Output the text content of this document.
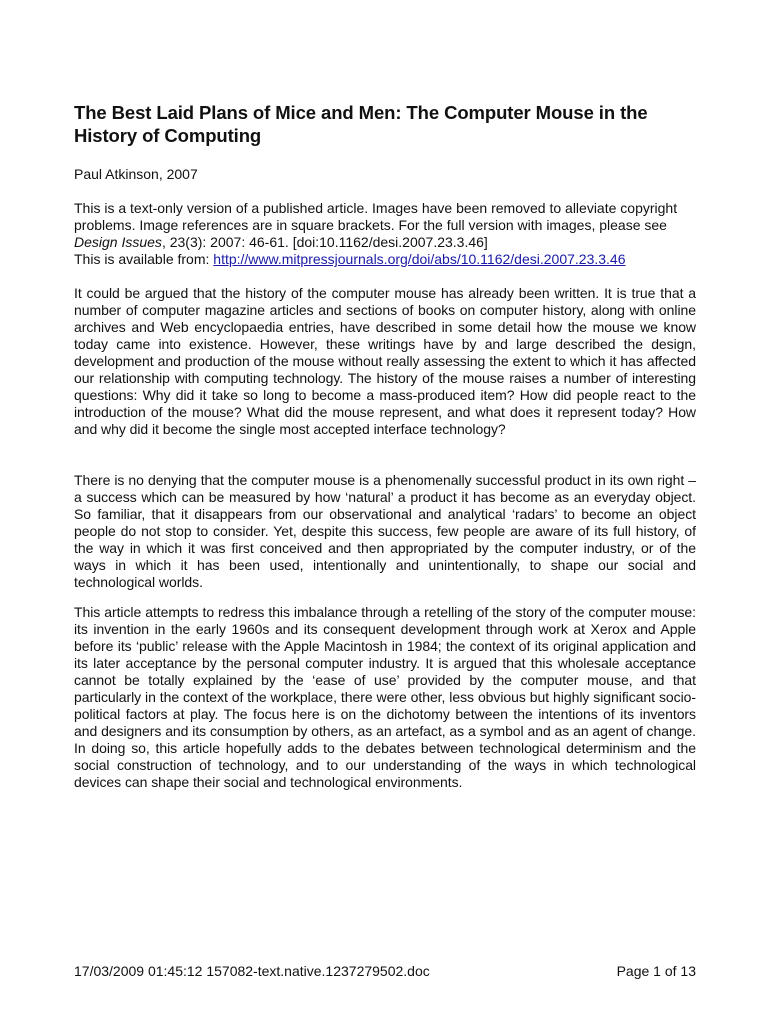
The Best Laid Plans of Mice and Men: The Computer Mouse in the History of Computing

Paul Atkinson, 2007

This is a text-only version of a published article. Images have been removed to alleviate copyright problems. Image references are in square brackets. For the full version with images, please see Design Issues, 23(3): 2007: 46-61. [doi:10.1162/desi.2007.23.3.46]
This is available from: http://www.mitpressjournals.org/doi/abs/10.1162/desi.2007.23.3.46

It could be argued that the history of the computer mouse has already been written. It is true that a number of computer magazine articles and sections of books on computer history, along with online archives and Web encyclopaedia entries, have described in some detail how the mouse we know today came into existence. However, these writings have by and large described the design, development and production of the mouse without really assessing the extent to which it has affected our relationship with computing technology. The history of the mouse raises a number of interesting questions: Why did it take so long to become a mass-produced item? How did people react to the introduction of the mouse? What did the mouse represent, and what does it represent today? How and why did it become the single most accepted interface technology?

There is no denying that the computer mouse is a phenomenally successful product in its own right – a success which can be measured by how ‘natural’ a product it has become as an everyday object. So familiar, that it disappears from our observational and analytical ‘radars’ to become an object people do not stop to consider. Yet, despite this success, few people are aware of its full history, of the way in which it was first conceived and then appropriated by the computer industry, or of the ways in which it has been used, intentionally and unintentionally, to shape our social and technological worlds.

This article attempts to redress this imbalance through a retelling of the story of the computer mouse: its invention in the early 1960s and its consequent development through work at Xerox and Apple before its ‘public’ release with the Apple Macintosh in 1984; the context of its original application and its later acceptance by the personal computer industry. It is argued that this wholesale acceptance cannot be totally explained by the ‘ease of use’ provided by the computer mouse, and that particularly in the context of the workplace, there were other, less obvious but highly significant socio-political factors at play. The focus here is on the dichotomy between the intentions of its inventors and designers and its consumption by others, as an artefact, as a symbol and as an agent of change. In doing so, this article hopefully adds to the debates between technological determinism and the social construction of technology, and to our understanding of the ways in which technological devices can shape their social and technological environments.

17/03/2009 01:45:12 157082-text.native.1237279502.doc	Page 1 of 13
